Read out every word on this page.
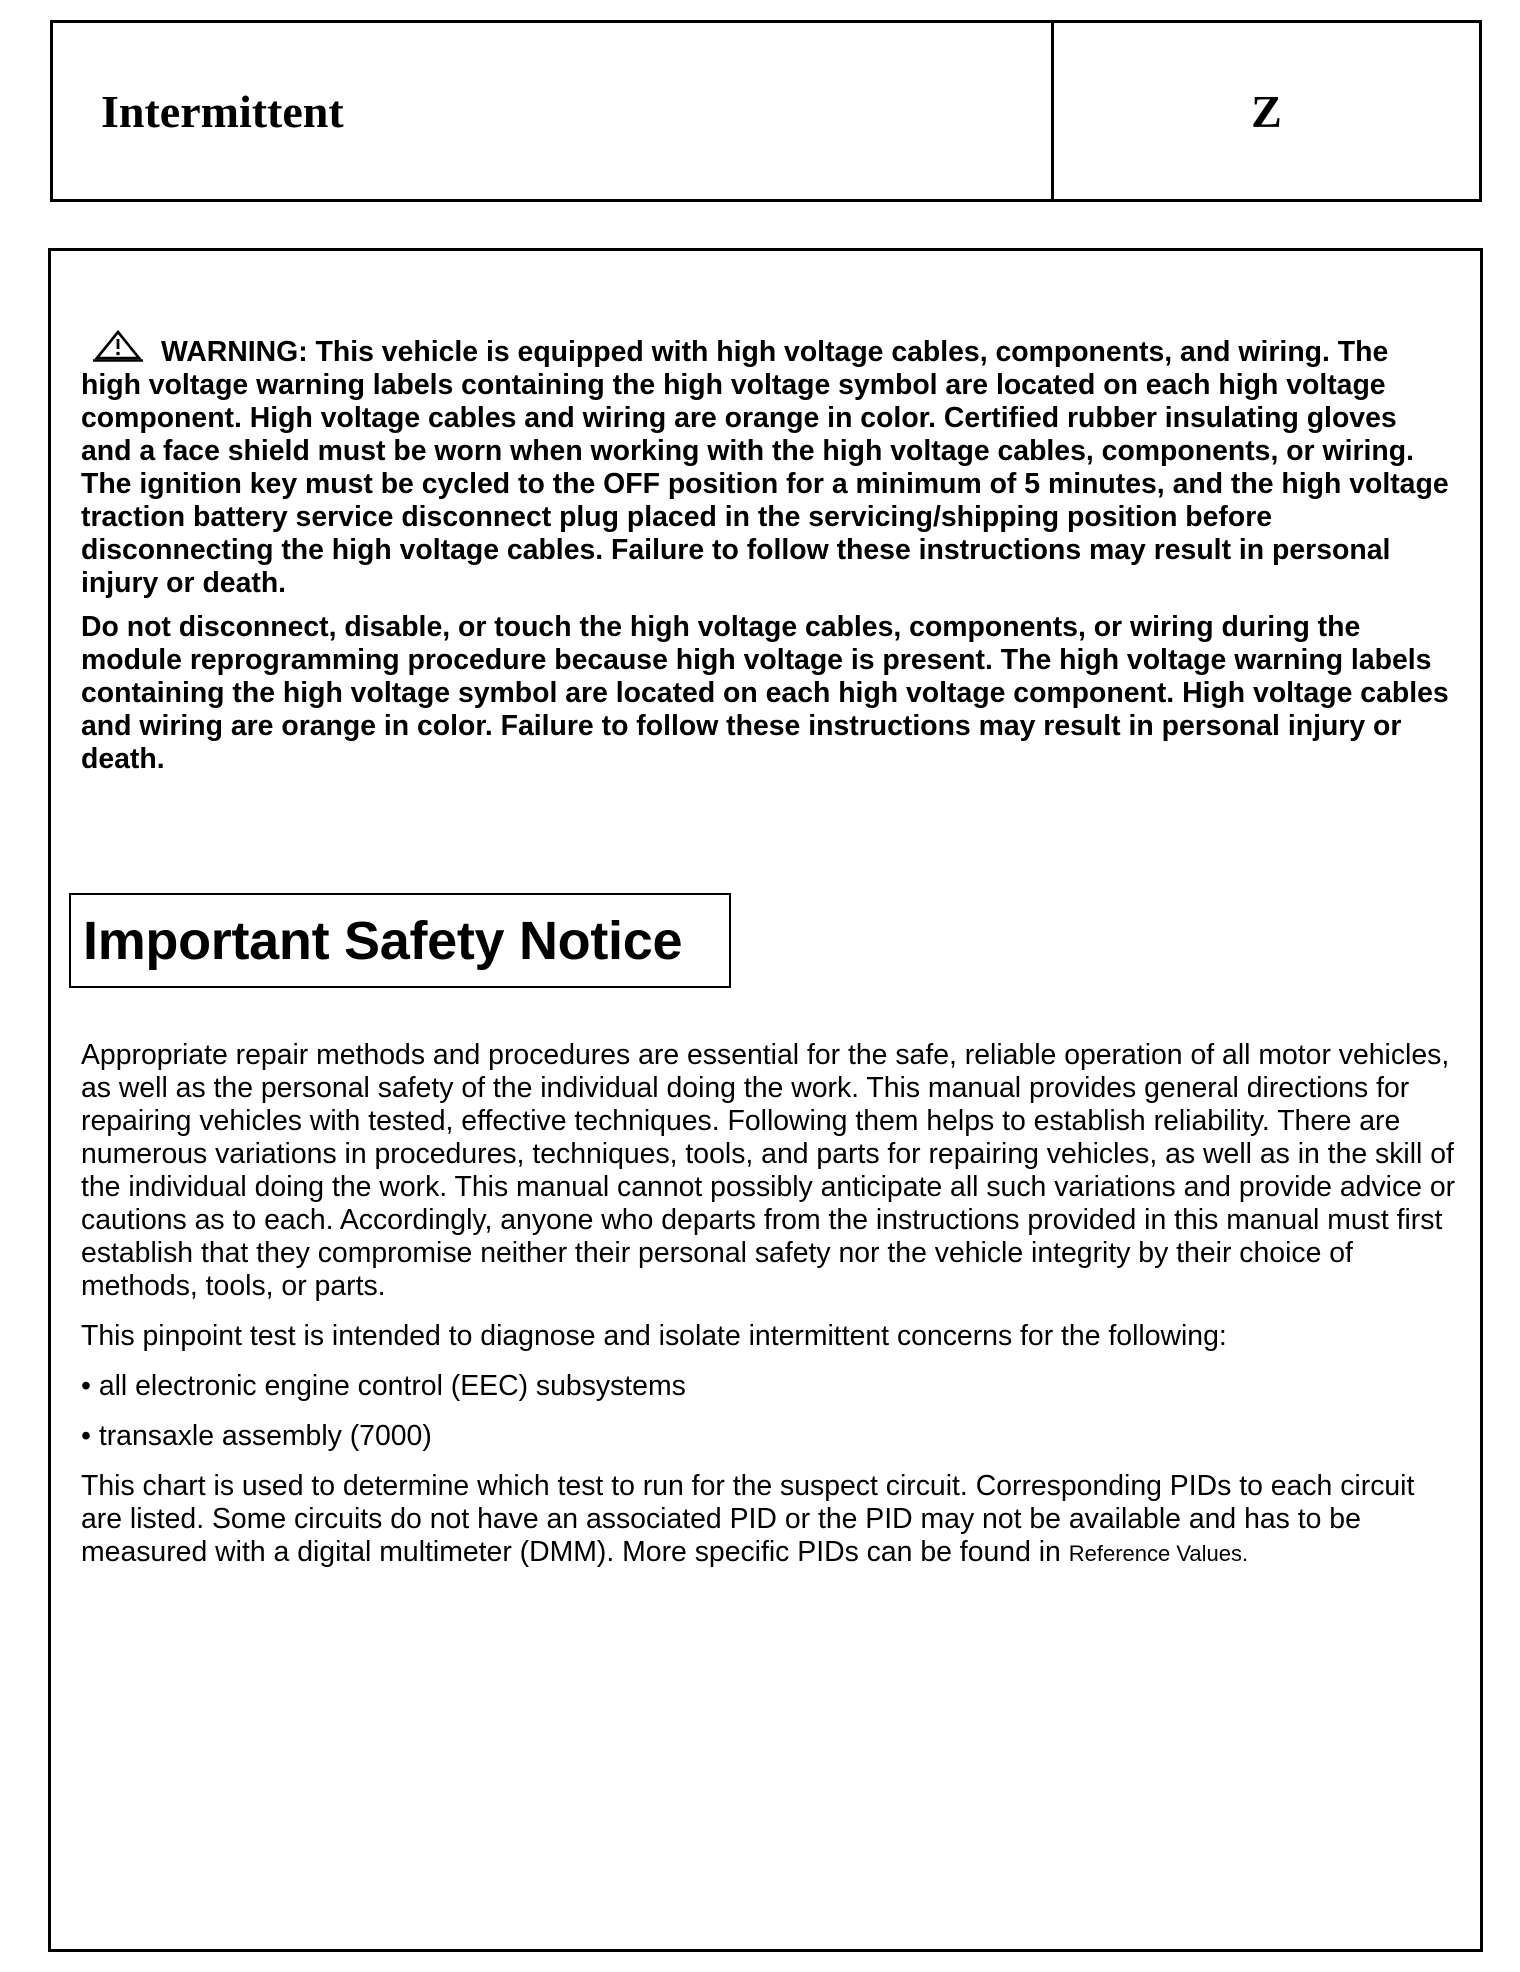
Intermittent	Z

WARNING: This vehicle is equipped with high voltage cables, components, and wiring. The high voltage warning labels containing the high voltage symbol are located on each high voltage component. High voltage cables and wiring are orange in color. Certified rubber insulating gloves and a face shield must be worn when working with the high voltage cables, components, or wiring. The ignition key must be cycled to the OFF position for a minimum of 5 minutes, and the high voltage traction battery service disconnect plug placed in the servicing/shipping position before disconnecting the high voltage cables. Failure to follow these instructions may result in personal injury or death.

Do not disconnect, disable, or touch the high voltage cables, components, or wiring during the module reprogramming procedure because high voltage is present. The high voltage warning labels containing the high voltage symbol are located on each high voltage component. High voltage cables and wiring are orange in color. Failure to follow these instructions may result in personal injury or death.

Important Safety Notice

Appropriate repair methods and procedures are essential for the safe, reliable operation of all motor vehicles, as well as the personal safety of the individual doing the work. This manual provides general directions for repairing vehicles with tested, effective techniques. Following them helps to establish reliability. There are numerous variations in procedures, techniques, tools, and parts for repairing vehicles, as well as in the skill of the individual doing the work. This manual cannot possibly anticipate all such variations and provide advice or cautions as to each. Accordingly, anyone who departs from the instructions provided in this manual must first establish that they compromise neither their personal safety nor the vehicle integrity by their choice of methods, tools, or parts.

This pinpoint test is intended to diagnose and isolate intermittent concerns for the following:

• all electronic engine control (EEC) subsystems

• transaxle assembly (7000)

This chart is used to determine which test to run for the suspect circuit. Corresponding PIDs to each circuit are listed. Some circuits do not have an associated PID or the PID may not be available and has to be measured with a digital multimeter (DMM). More specific PIDs can be found in Reference Values.
